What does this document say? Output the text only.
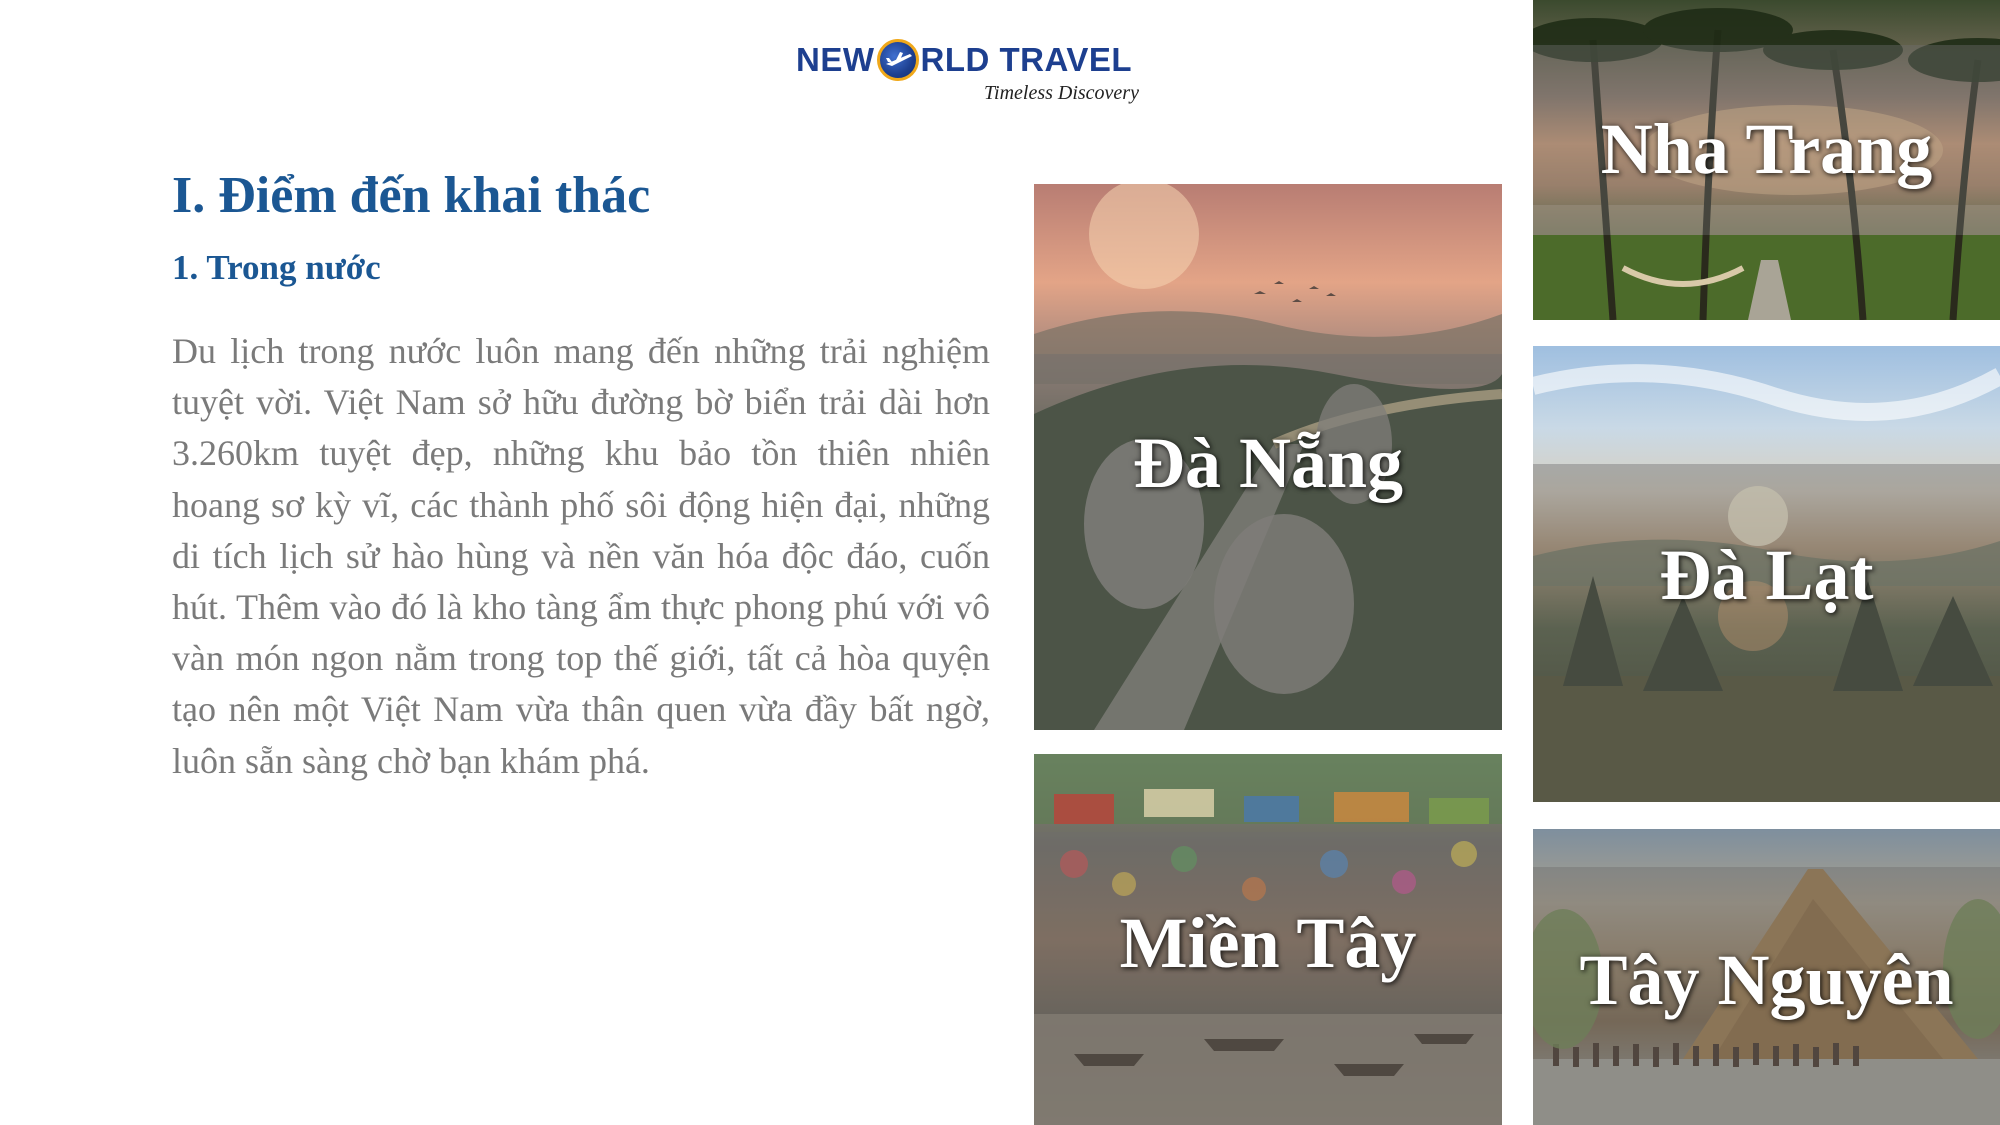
NEW RLD TRAVEL
Timeless Discovery
I. Điểm đến khai thác
1. Trong nước

Du lịch trong nước luôn mang đến những trải nghiệm tuyệt vời. Việt Nam sở hữu đường bờ biển trải dài hơn 3.260km tuyệt đẹp, những khu bảo tồn thiên nhiên hoang sơ kỳ vĩ, các thành phố sôi động hiện đại, những di tích lịch sử hào hùng và nền văn hóa độc đáo, cuốn hút. Thêm vào đó là kho tàng ẩm thực phong phú với vô vàn món ngon nằm trong top thế giới, tất cả hòa quyện tạo nên một Việt Nam vừa thân quen vừa đầy bất ngờ, luôn sẵn sàng chờ bạn khám phá.

Đà Nẵng
Miền Tây
Nha Trang
Đà Lạt
Tây Nguyên
